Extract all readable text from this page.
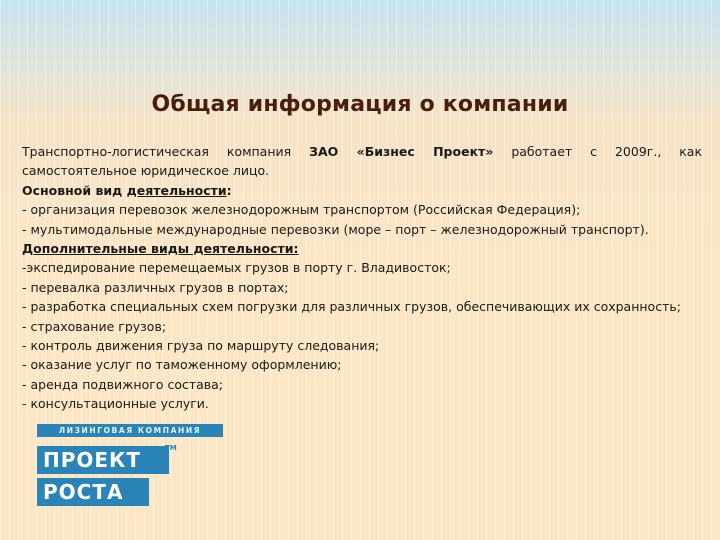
Общая информация о компании

Транспортно-логистическая компания ЗАО «Бизнес Проект» работает с 2009г., как

самостоятельное юридическое лицо.

Основной вид деятельности:

- организация перевозок железнодорожным транспортом (Российская Федерация);

- мультимодальные международные перевозки (море – порт – железнодорожный транспорт).

Дополнительные виды деятельности:

-экспедирование перемещаемых грузов в порту г. Владивосток;

- перевалка различных грузов в портах;

- разработка специальных схем погрузки для различных грузов, обеспечивающих их сохранность;

- страхование грузов;

- контроль движения груза по маршруту следования;

- оказание услуг по таможенному оформлению;

- аренда подвижного состава;

- консультационные услуги.

ЛИЗИНГОВАЯ КОМПАНИЯ
ПРОЕКТ	TM
РОСТА
